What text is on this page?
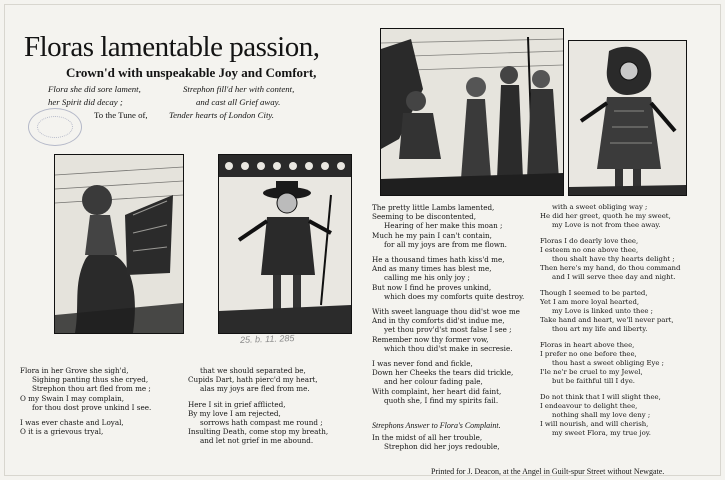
Floras lamentable passion,
Crown'd with unspeakable Joy and Comfort,
Flora she did sore lament,
her Spirit did decay ;
Strephon fill'd her with content,
and cast all Grief away.
To the Tune of, Tender hearts of London City.
25. b. 11. 285
Flora in her Grove she sigh'd,
Sighing panting thus she cryed,
Strephon thou art fled from me ;
O my Swain I may complain,
for thou dost prove unkind I see.
I was ever chaste and Loyal,
O it is a grievous tryal,
that we should separated be,
Cupids Dart, hath pierc'd my heart,
alas my joys are fled from me.
Here I sit in grief afflicted,
By my love I am rejected,
sorrows hath compast me round ;
Insulting Death, come stop my breath,
and let not grief in me abound.
The pretty little Lambs lamented,
Seeming to be discontented,
Hearing of her make this moan ;
Much he my pain I can't contain,
for all my joys are from me flown.
He a thousand times hath kiss'd me,
And as many times has blest me,
calling me his only joy ;
But now I find he proves unkind,
which does my comforts quite destroy.
With sweet language thou did'st woe me
And in thy comforts did'st indue me,
yet thou prov'd'st most false I see ;
Remember now thy former vow,
which thou did'st make in secresie.
I was never fond and fickle,
Down her Cheeks the tears did trickle,
and her colour fading pale,
With complaint, her heart did faint,
quoth she, I find my spirits fail.
Strephons Answer to Flora's Complaint.
In the midst of all her trouble,
Strephon did her joys redouble,
with a sweet obliging way ;
He did her greet, quoth he my sweet,
my Love is not from thee away.
Floras I do dearly love thee,
I esteem no one above thee,
thou shalt have thy hearts delight ;
Then here's my hand, do thou command
and I will serve thee day and night.
Though I seemed to be parted,
Yet I am more loyal hearted,
my Love is linked unto thee ;
Take hand and heart, we'll never part,
thou art my life and liberty.
Floras in heart above thee,
I prefer no one before thee,
thou hast a sweet obliging Eye ;
I'le ne'r be cruel to my Jewel,
but be faithful till I dye.
Do not think that I will slight thee,
I endeavour to delight thee,
nothing shall my love deny ;
I will nourish, and will cherish,
my sweet Flora, my true joy.
Printed for J. Deacon, at the Angel in Guilt-spur Street without Newgate.
